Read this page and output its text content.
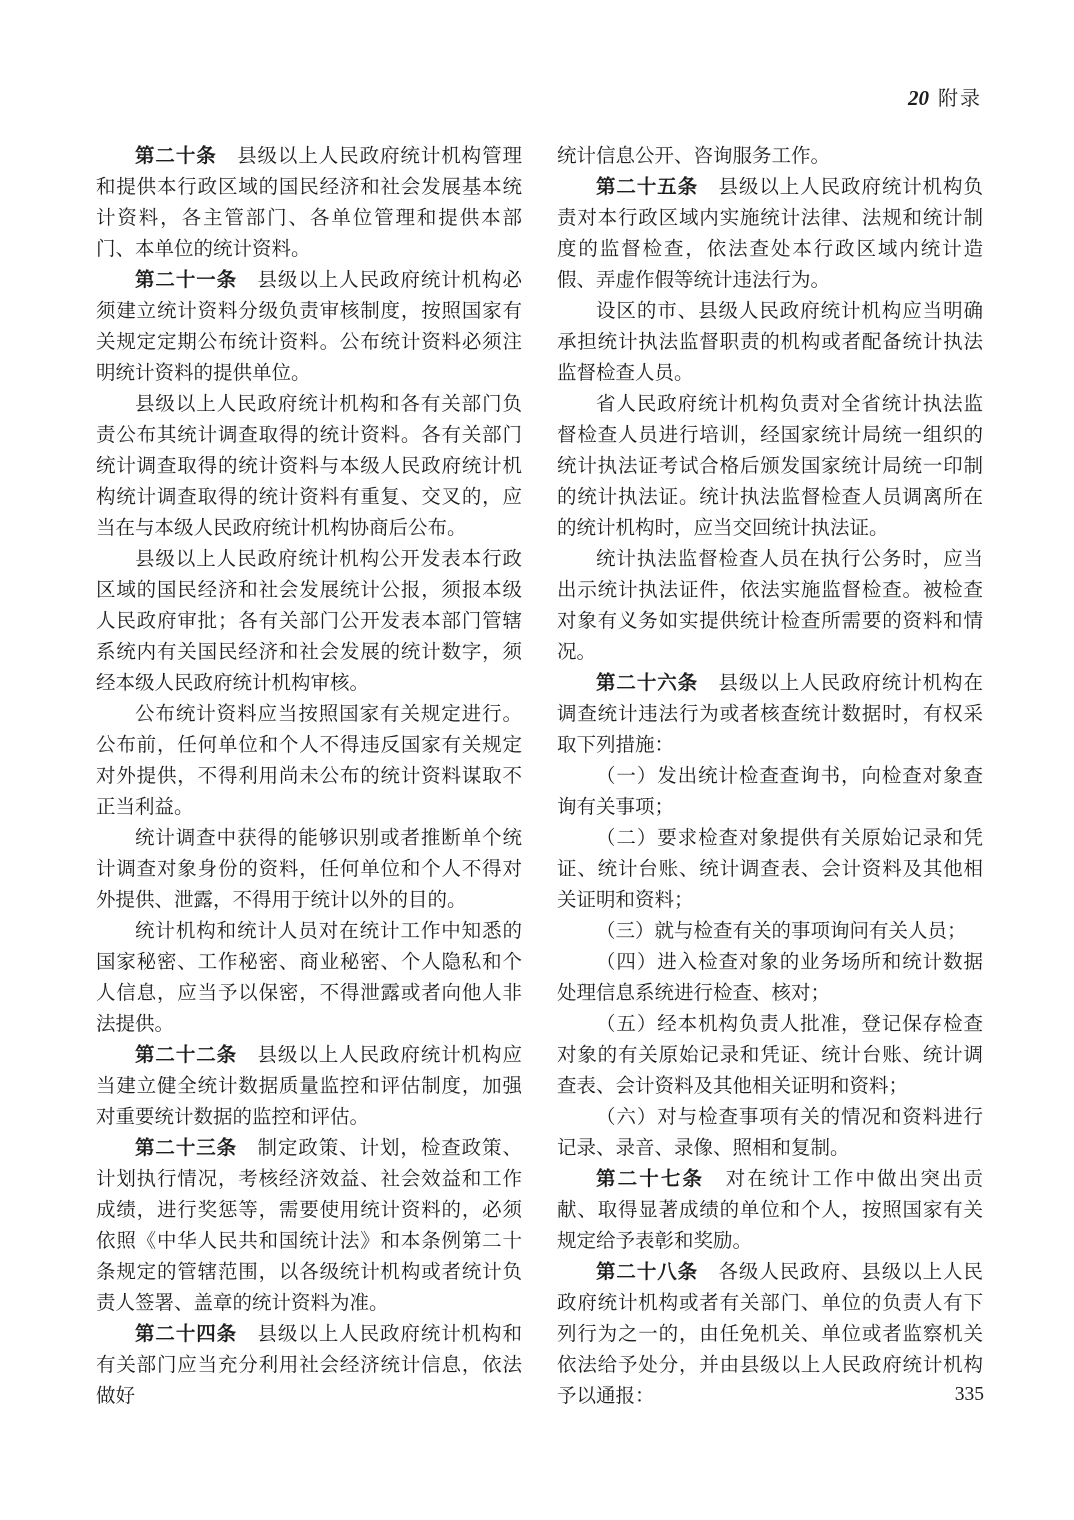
20 附录

第二十条　县级以上人民政府统计机构管理和提供本行政区域的国民经济和社会发展基本统计资料，各主管部门、各单位管理和提供本部门、本单位的统计资料。

第二十一条　县级以上人民政府统计机构必须建立统计资料分级负责审核制度，按照国家有关规定定期公布统计资料。公布统计资料必须注明统计资料的提供单位。

县级以上人民政府统计机构和各有关部门负责公布其统计调查取得的统计资料。各有关部门统计调查取得的统计资料与本级人民政府统计机构统计调查取得的统计资料有重复、交叉的，应当在与本级人民政府统计机构协商后公布。

县级以上人民政府统计机构公开发表本行政区域的国民经济和社会发展统计公报，须报本级人民政府审批；各有关部门公开发表本部门管辖系统内有关国民经济和社会发展的统计数字，须经本级人民政府统计机构审核。

公布统计资料应当按照国家有关规定进行。公布前，任何单位和个人不得违反国家有关规定对外提供，不得利用尚未公布的统计资料谋取不正当利益。

统计调查中获得的能够识别或者推断单个统计调查对象身份的资料，任何单位和个人不得对外提供、泄露，不得用于统计以外的目的。

统计机构和统计人员对在统计工作中知悉的国家秘密、工作秘密、商业秘密、个人隐私和个人信息，应当予以保密，不得泄露或者向他人非法提供。

第二十二条　县级以上人民政府统计机构应当建立健全统计数据质量监控和评估制度，加强对重要统计数据的监控和评估。

第二十三条　制定政策、计划，检查政策、计划执行情况，考核经济效益、社会效益和工作成绩，进行奖惩等，需要使用统计资料的，必须依照《中华人民共和国统计法》和本条例第二十条规定的管辖范围，以各级统计机构或者统计负责人签署、盖章的统计资料为准。

第二十四条　县级以上人民政府统计机构和有关部门应当充分利用社会经济统计信息，依法做好

统计信息公开、咨询服务工作。

第二十五条　县级以上人民政府统计机构负责对本行政区域内实施统计法律、法规和统计制度的监督检查，依法查处本行政区域内统计造假、弄虚作假等统计违法行为。

设区的市、县级人民政府统计机构应当明确承担统计执法监督职责的机构或者配备统计执法监督检查人员。

省人民政府统计机构负责对全省统计执法监督检查人员进行培训，经国家统计局统一组织的统计执法证考试合格后颁发国家统计局统一印制的统计执法证。统计执法监督检查人员调离所在的统计机构时，应当交回统计执法证。

统计执法监督检查人员在执行公务时，应当出示统计执法证件，依法实施监督检查。被检查对象有义务如实提供统计检查所需要的资料和情况。

第二十六条　县级以上人民政府统计机构在调查统计违法行为或者核查统计数据时，有权采取下列措施：

（一）发出统计检查查询书，向检查对象查询有关事项；

（二）要求检查对象提供有关原始记录和凭证、统计台账、统计调查表、会计资料及其他相关证明和资料；

（三）就与检查有关的事项询问有关人员；

（四）进入检查对象的业务场所和统计数据处理信息系统进行检查、核对；

（五）经本机构负责人批准，登记保存检查对象的有关原始记录和凭证、统计台账、统计调查表、会计资料及其他相关证明和资料；

（六）对与检查事项有关的情况和资料进行记录、录音、录像、照相和复制。

第二十七条　对在统计工作中做出突出贡献、取得显著成绩的单位和个人，按照国家有关规定给予表彰和奖励。

第二十八条　各级人民政府、县级以上人民政府统计机构或者有关部门、单位的负责人有下列行为之一的，由任免机关、单位或者监察机关依法给予处分，并由县级以上人民政府统计机构予以通报：	335
